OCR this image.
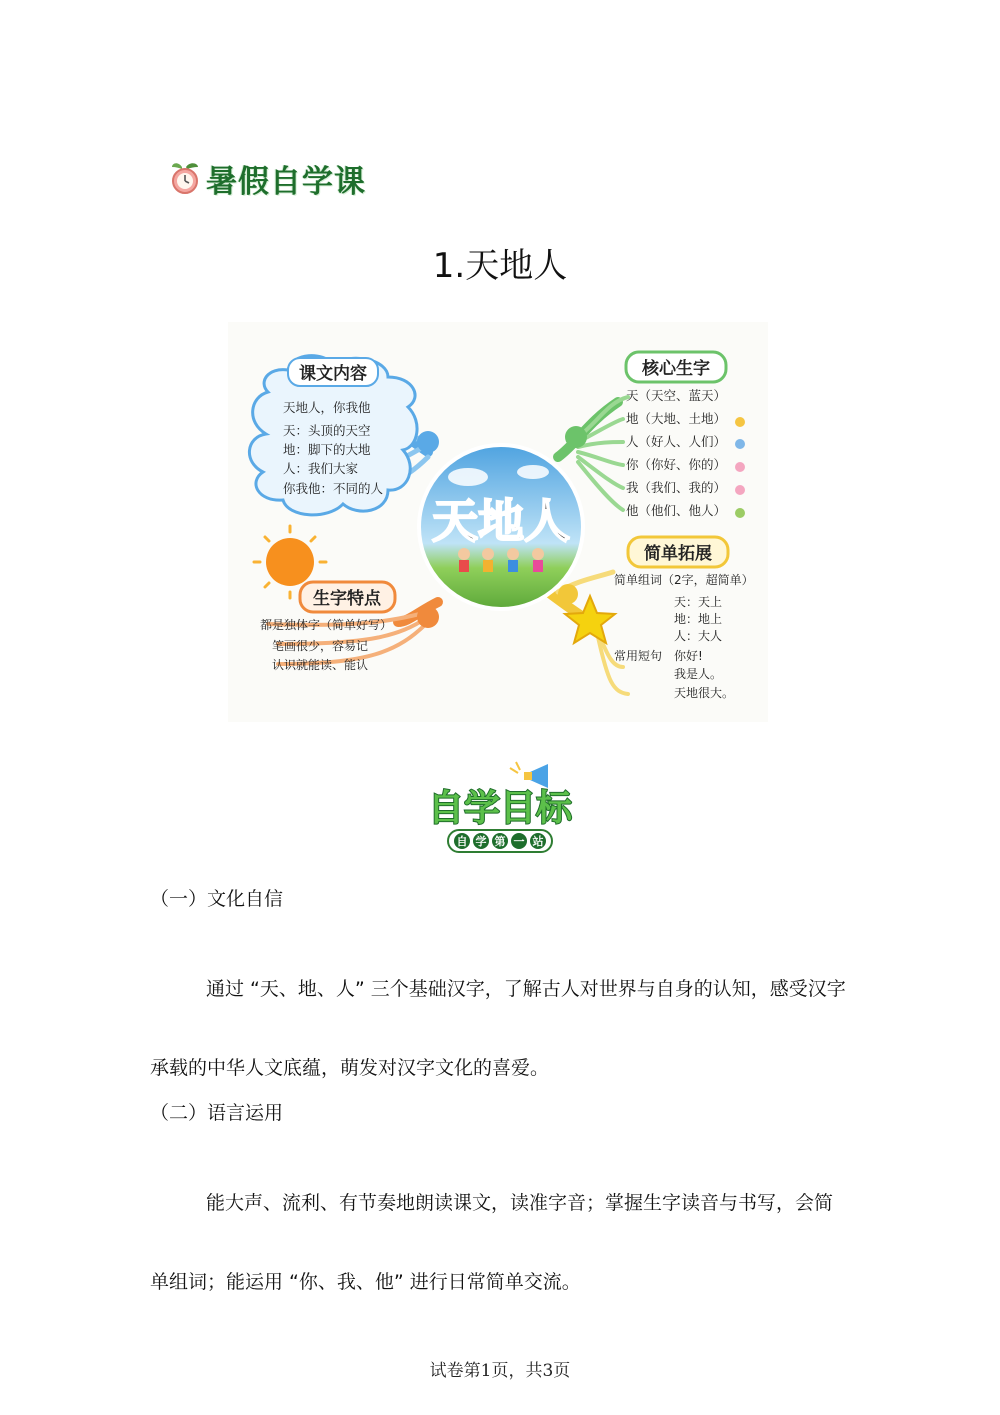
暑假自学课
1.天地人
天地人
课文内容
天地人，你我他
天：头顶的天空
地：脚下的大地
人：我们大家
你我他：不同的人
核心生字
天（天空、蓝天）
地（大地、土地）
人（好人、人们）
你（你好、你的）
我（我们、我的）
他（他们、他人）
生字特点
都是独体字（简单好写）
笔画很少，容易记
认识就能读、能认
简单拓展
简单组词（2字，超简单）
天：天上
地：地上
人：大人
常用短句 你好!
我是人。
天地很大。
自学目标
自 学 第 一 站
（一）文化自信
通过 “天、地、人” 三个基础汉字，了解古人对世界与自身的认知，感受汉字承载的中华人文底蕴，萌发对汉字文化的喜爱。
（二）语言运用
能大声、流利、有节奏地朗读课文，读准字音；掌握生字读音与书写，会简单组词；能运用 “你、我、他” 进行日常简单交流。
试卷第1页，共3页
